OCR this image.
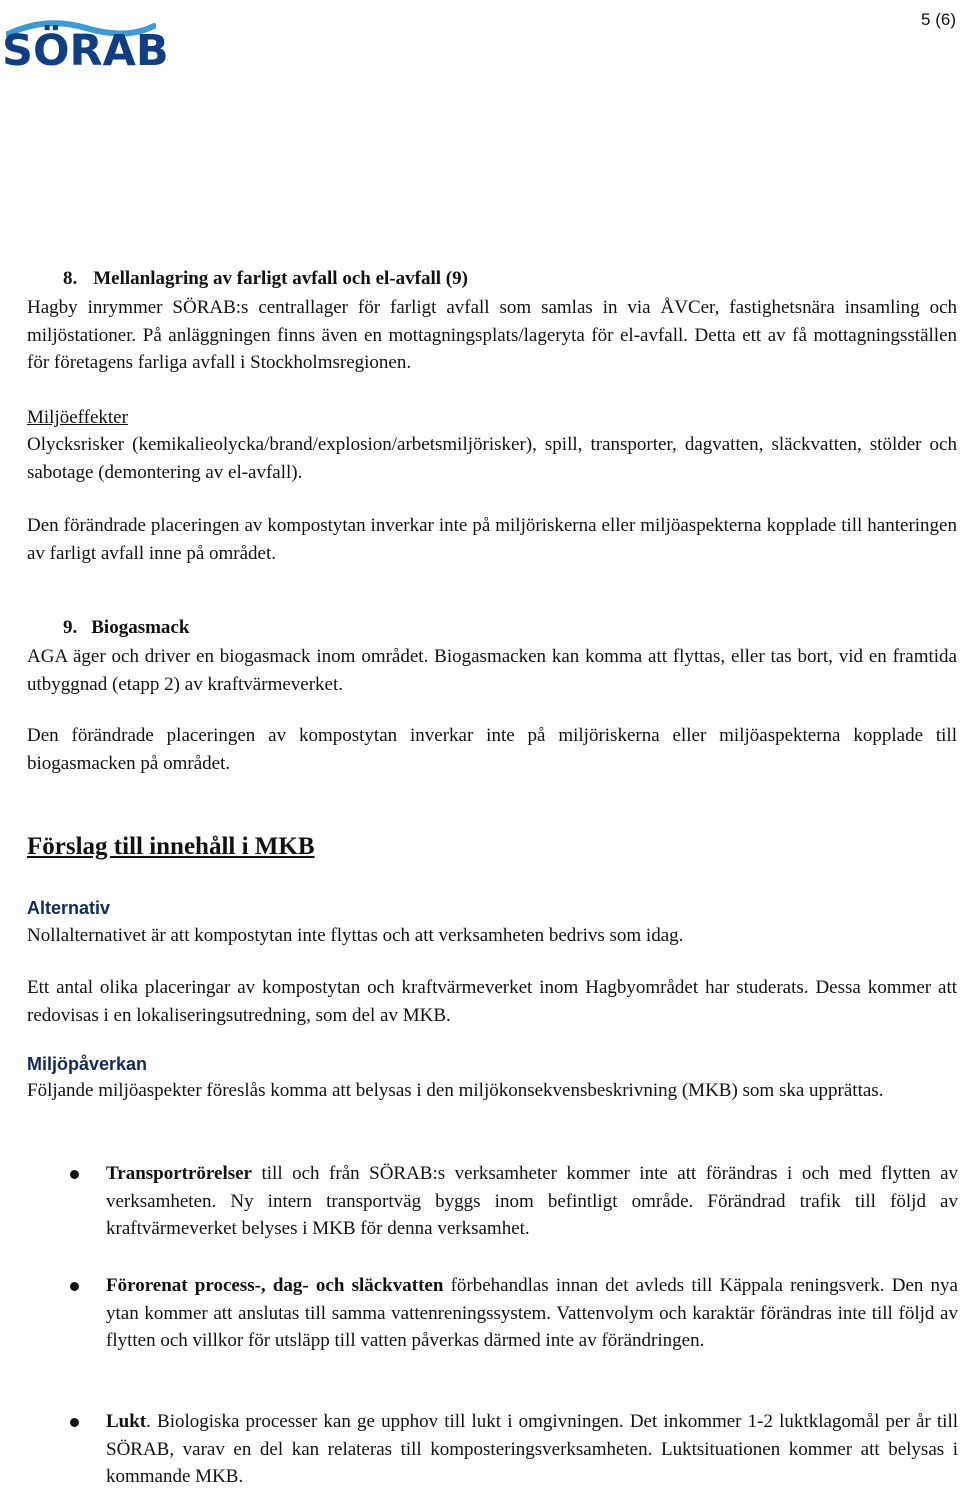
SÖRAB
5 (6)
8. Mellanlagring av farligt avfall och el-avfall (9)
Hagby inrymmer SÖRAB:s centrallager för farligt avfall som samlas in via ÅVCer, fastighetsnära insamling och miljöstationer. På anläggningen finns även en mottagningsplats/lageryta för el-avfall. Detta ett av få mottagningsställen för företagens farliga avfall i Stockholmsregionen.
Miljöeffekter
Olycksrisker (kemikalieolycka/brand/explosion/arbetsmiljörisker), spill, transporter, dagvatten, släckvatten, stölder och sabotage (demontering av el-avfall).
Den förändrade placeringen av kompostytan inverkar inte på miljöriskerna eller miljöaspekterna kopplade till hanteringen av farligt avfall inne på området.
9. Biogasmack
AGA äger och driver en biogasmack inom området. Biogasmacken kan komma att flyttas, eller tas bort, vid en framtida utbyggnad (etapp 2) av kraftvärmeverket.
Den förändrade placeringen av kompostytan inverkar inte på miljöriskerna eller miljöaspekterna kopplade till biogasmacken på området.
Förslag till innehåll i MKB
Alternativ
Nollalternativet är att kompostytan inte flyttas och att verksamheten bedrivs som idag.
Ett antal olika placeringar av kompostytan och kraftvärmeverket inom Hagbyområdet har studerats. Dessa kommer att redovisas i en lokaliseringsutredning, som del av MKB.
Miljöpåverkan
Följande miljöaspekter föreslås komma att belysas i den miljökonsekvensbeskrivning (MKB) som ska upprättas.
Transportrörelser till och från SÖRAB:s verksamheter kommer inte att förändras i och med flytten av verksamheten. Ny intern transportväg byggs inom befintligt område. Förändrad trafik till följd av kraftvärmeverket belyses i MKB för denna verksamhet.
Förorenat process-, dag- och släckvatten förbehandlas innan det avleds till Käppala reningsverk. Den nya ytan kommer att anslutas till samma vattenreningssystem. Vattenvolym och karaktär förändras inte till följd av flytten och villkor för utsläpp till vatten påverkas därmed inte av förändringen.
Lukt. Biologiska processer kan ge upphov till lukt i omgivningen. Det inkommer 1-2 luktklagomål per år till SÖRAB, varav en del kan relateras till komposteringsverksamheten. Luktsituationen kommer att belysas i kommande MKB.
